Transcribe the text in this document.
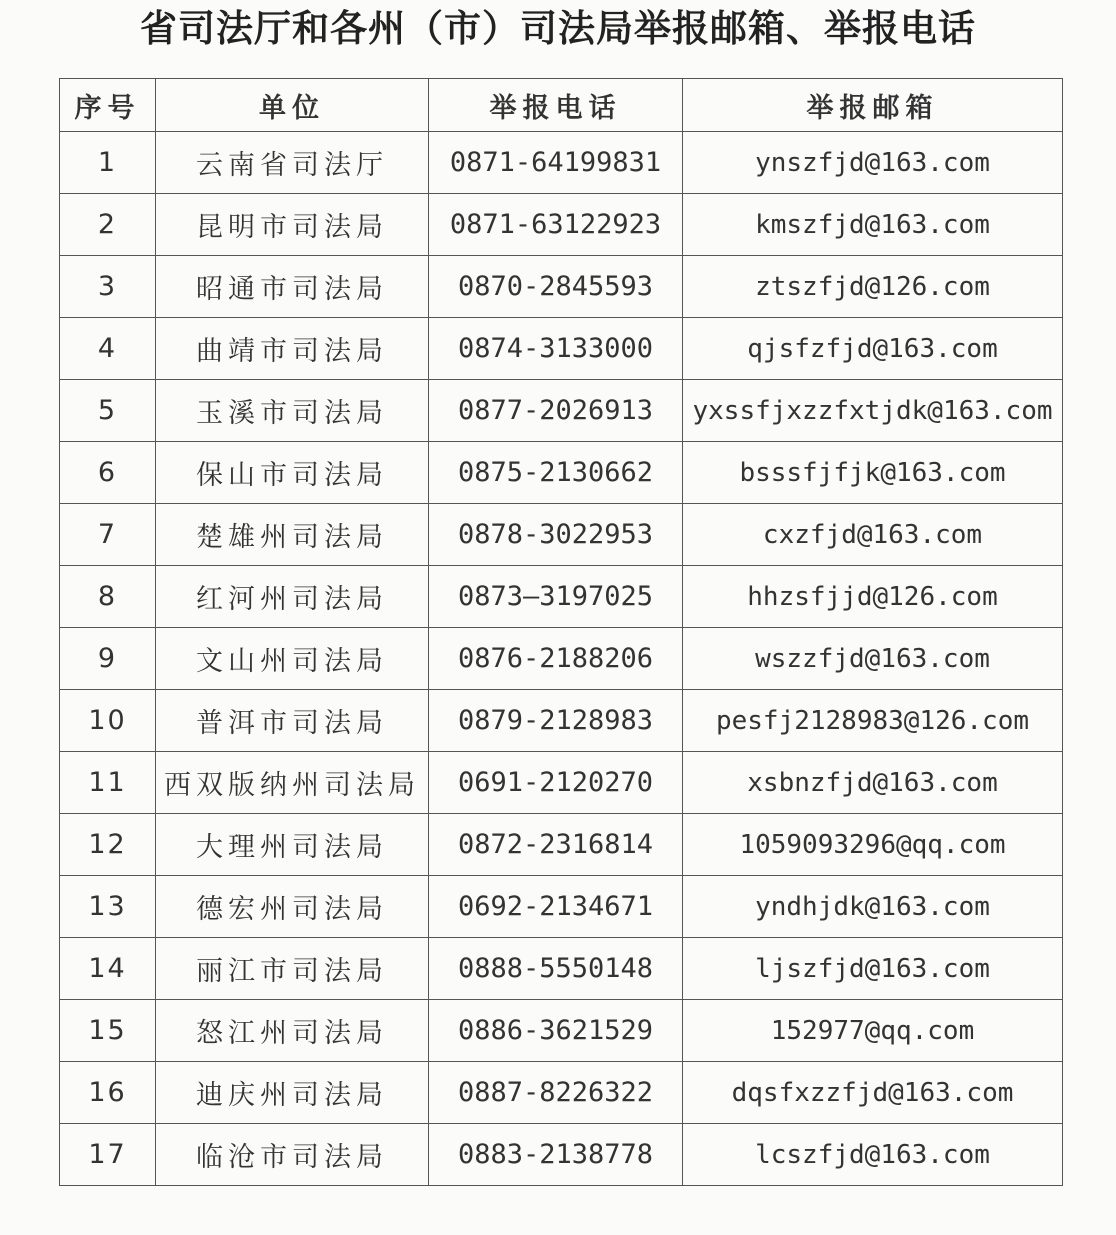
省司法厅和各州（市）司法局举报邮箱、举报电话
序号	单位	举报电话	举报邮箱
1	云南省司法厅	0871-64199831	ynszfjd@163.com
2	昆明市司法局	0871-63122923	kmszfjd@163.com
3	昭通市司法局	0870-2845593	ztszfjd@126.com
4	曲靖市司法局	0874-3133000	qjsfzfjd@163.com
5	玉溪市司法局	0877-2026913	yxssfjxzzfxtjdk@163.com
6	保山市司法局	0875-2130662	bsssfjfjk@163.com
7	楚雄州司法局	0878-3022953	cxzfjd@163.com
8	红河州司法局	0873—3197025	hhzsfjjd@126.com
9	文山州司法局	0876-2188206	wszzfjd@163.com
10	普洱市司法局	0879-2128983	pesfj2128983@126.com
11	西双版纳州司法局	0691-2120270	xsbnzfjd@163.com
12	大理州司法局	0872-2316814	1059093296@qq.com
13	德宏州司法局	0692-2134671	yndhjdk@163.com
14	丽江市司法局	0888-5550148	ljszfjd@163.com
15	怒江州司法局	0886-3621529	152977@qq.com
16	迪庆州司法局	0887-8226322	dqsfxzzfjd@163.com
17	临沧市司法局	0883-2138778	lcszfjd@163.com
